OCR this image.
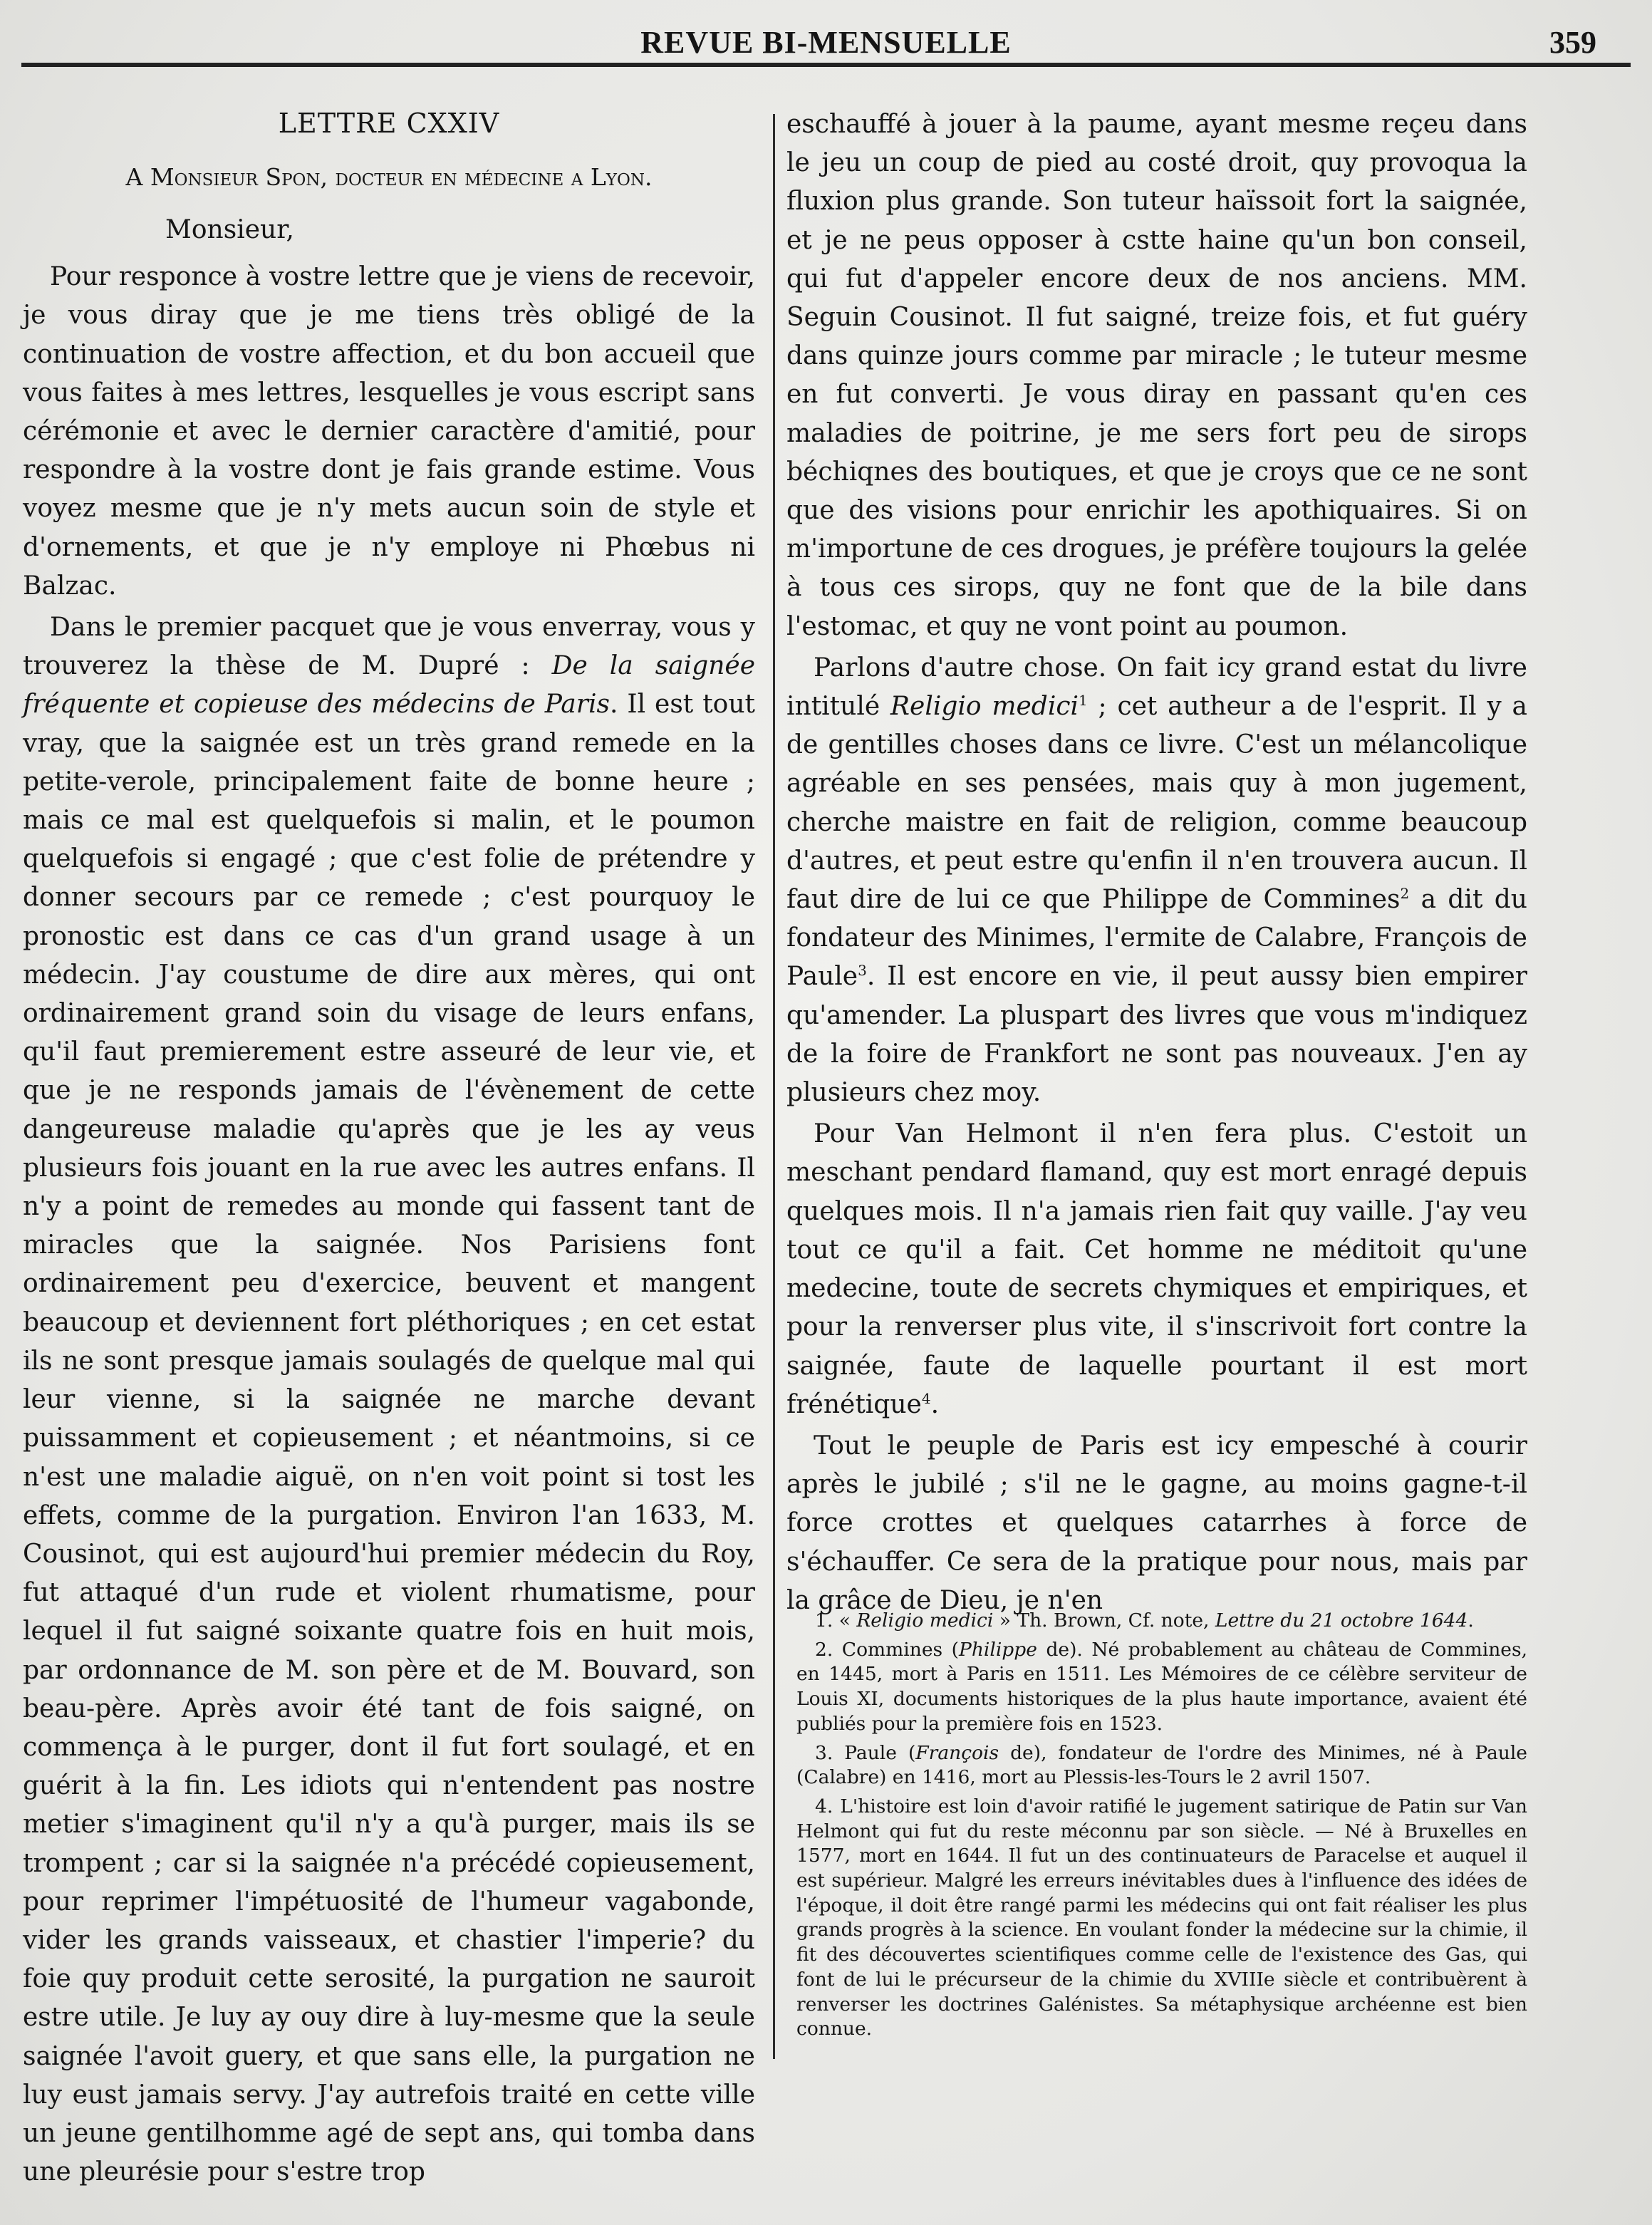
REVUE BI-MENSUELLE	359

LETTRE CXXIV

A Monsieur Spon, docteur en médecine a Lyon.

Monsieur,

Pour responce à vostre lettre que je viens de recevoir, je vous diray que je me tiens très obligé de la continuation de vostre affection, et du bon accueil que vous faites à mes lettres, lesquelles je vous escript sans cérémonie et avec le dernier caractère d'amitié, pour respondre à la vostre dont je fais grande estime. Vous voyez mesme que je n'y mets aucun soin de style et d'ornements, et que je n'y employe ni Phœbus ni Balzac.

Dans le premier pacquet que je vous enverray, vous y trouverez la thèse de M. Dupré : De la saignée fréquente et copieuse des médecins de Paris. Il est tout vray, que la saignée est un très grand remede en la petite-verole, principalement faite de bonne heure ; mais ce mal est quelquefois si malin, et le poumon quelquefois si engagé ; que c'est folie de prétendre y donner secours par ce remede ; c'est pourquoy le pronostic est dans ce cas d'un grand usage à un médecin. J'ay coustume de dire aux mères, qui ont ordinairement grand soin du visage de leurs enfans, qu'il faut premierement estre asseuré de leur vie, et que je ne responds jamais de l'évènement de cette dangeureuse maladie qu'après que je les ay veus plusieurs fois jouant en la rue avec les autres enfans. Il n'y a point de remedes au monde qui fassent tant de miracles que la saignée. Nos Parisiens font ordinairement peu d'exercice, beuvent et mangent beaucoup et deviennent fort pléthoriques ; en cet estat ils ne sont presque jamais soulagés de quelque mal qui leur vienne, si la saignée ne marche devant puissamment et copieusement ; et néantmoins, si ce n'est une maladie aiguë, on n'en voit point si tost les effets, comme de la purgation. Environ l'an 1633, M. Cousinot, qui est aujourd'hui premier médecin du Roy, fut attaqué d'un rude et violent rhumatisme, pour lequel il fut saigné soixante quatre fois en huit mois, par ordonnance de M. son père et de M. Bouvard, son beau-père. Après avoir été tant de fois saigné, on commença à le purger, dont il fut fort soulagé, et en guérit à la fin. Les idiots qui n'entendent pas nostre metier s'imaginent qu'il n'y a qu'à purger, mais ils se trompent ; car si la saignée n'a précédé copieusement, pour reprimer l'impétuosité de l'humeur vagabonde, vider les grands vaisseaux, et chastier l'imperie? du foie quy produit cette serosité, la purgation ne sauroit estre utile. Je luy ay ouy dire à luy-mesme que la seule saignée l'avoit guery, et que sans elle, la purgation ne luy eust jamais servy. J'ay autrefois traité en cette ville un jeune gentilhomme agé de sept ans, qui tomba dans une pleurésie pour s'estre trop

eschauffé à jouer à la paume, ayant mesme reçeu dans le jeu un coup de pied au costé droit, quy provoqua la fluxion plus grande. Son tuteur haïssoit fort la saignée, et je ne peus opposer à cstte haine qu'un bon conseil, qui fut d'appeler encore deux de nos anciens. MM. Seguin Cousinot. Il fut saigné, treize fois, et fut guéry dans quinze jours comme par miracle ; le tuteur mesme en fut converti. Je vous diray en passant qu'en ces maladies de poitrine, je me sers fort peu de sirops béchiqnes des boutiques, et que je croys que ce ne sont que des visions pour enrichir les apothiquaires. Si on m'importune de ces drogues, je préfère toujours la gelée à tous ces sirops, quy ne font que de la bile dans l'estomac, et quy ne vont point au poumon.

Parlons d'autre chose. On fait icy grand estat du livre intitulé Religio medici$^1$ ; cet autheur a de l'esprit. Il y a de gentilles choses dans ce livre. C'est un mélancolique agréable en ses pensées, mais quy à mon jugement, cherche maistre en fait de religion, comme beaucoup d'autres, et peut estre qu'enfin il n'en trouvera aucun. Il faut dire de lui ce que Philippe de Commines$^2$ a dit du fondateur des Minimes, l'ermite de Calabre, François de Paule$^3$. Il est encore en vie, il peut aussy bien empirer qu'amender. La pluspart des livres que vous m'indiquez de la foire de Frankfort ne sont pas nouveaux. J'en ay plusieurs chez moy.

Pour Van Helmont il n'en fera plus. C'estoit un meschant pendard flamand, quy est mort enragé depuis quelques mois. Il n'a jamais rien fait quy vaille. J'ay veu tout ce qu'il a fait. Cet homme ne méditoit qu'une medecine, toute de secrets chymiques et empiriques, et pour la renverser plus vite, il s'inscrivoit fort contre la saignée, faute de laquelle pourtant il est mort frénétique$^4$.

Tout le peuple de Paris est icy empesché à courir après le jubilé ; s'il ne le gagne, au moins gagne-t-il force crottes et quelques catarrhes à force de s'échauffer. Ce sera de la pratique pour nous, mais par la grâce de Dieu, je n'en

1. « Religio medici » Th. Brown, Cf. note, Lettre du 21 octobre 1644.

2. Commines (Philippe de). Né probablement au château de Commines, en 1445, mort à Paris en 1511. Les Mémoires de ce célèbre serviteur de Louis XI, documents historiques de la plus haute importance, avaient été publiés pour la première fois en 1523.

3. Paule (François de), fondateur de l'ordre des Minimes, né à Paule (Calabre) en 1416, mort au Plessis-les-Tours le 2 avril 1507.

4. L'histoire est loin d'avoir ratifié le jugement satirique de Patin sur Van Helmont qui fut du reste méconnu par son siècle. — Né à Bruxelles en 1577, mort en 1644. Il fut un des continuateurs de Paracelse et auquel il est supérieur. Malgré les erreurs inévitables dues à l'influence des idées de l'époque, il doit être rangé parmi les médecins qui ont fait réaliser les plus grands progrès à la science. En voulant fonder la médecine sur la chimie, il fit des découvertes scientifiques comme celle de l'existence des Gas, qui font de lui le précurseur de la chimie du XVIIIe siècle et contribuèrent à renverser les doctrines Galénistes. Sa métaphysique archéenne est bien connue.
